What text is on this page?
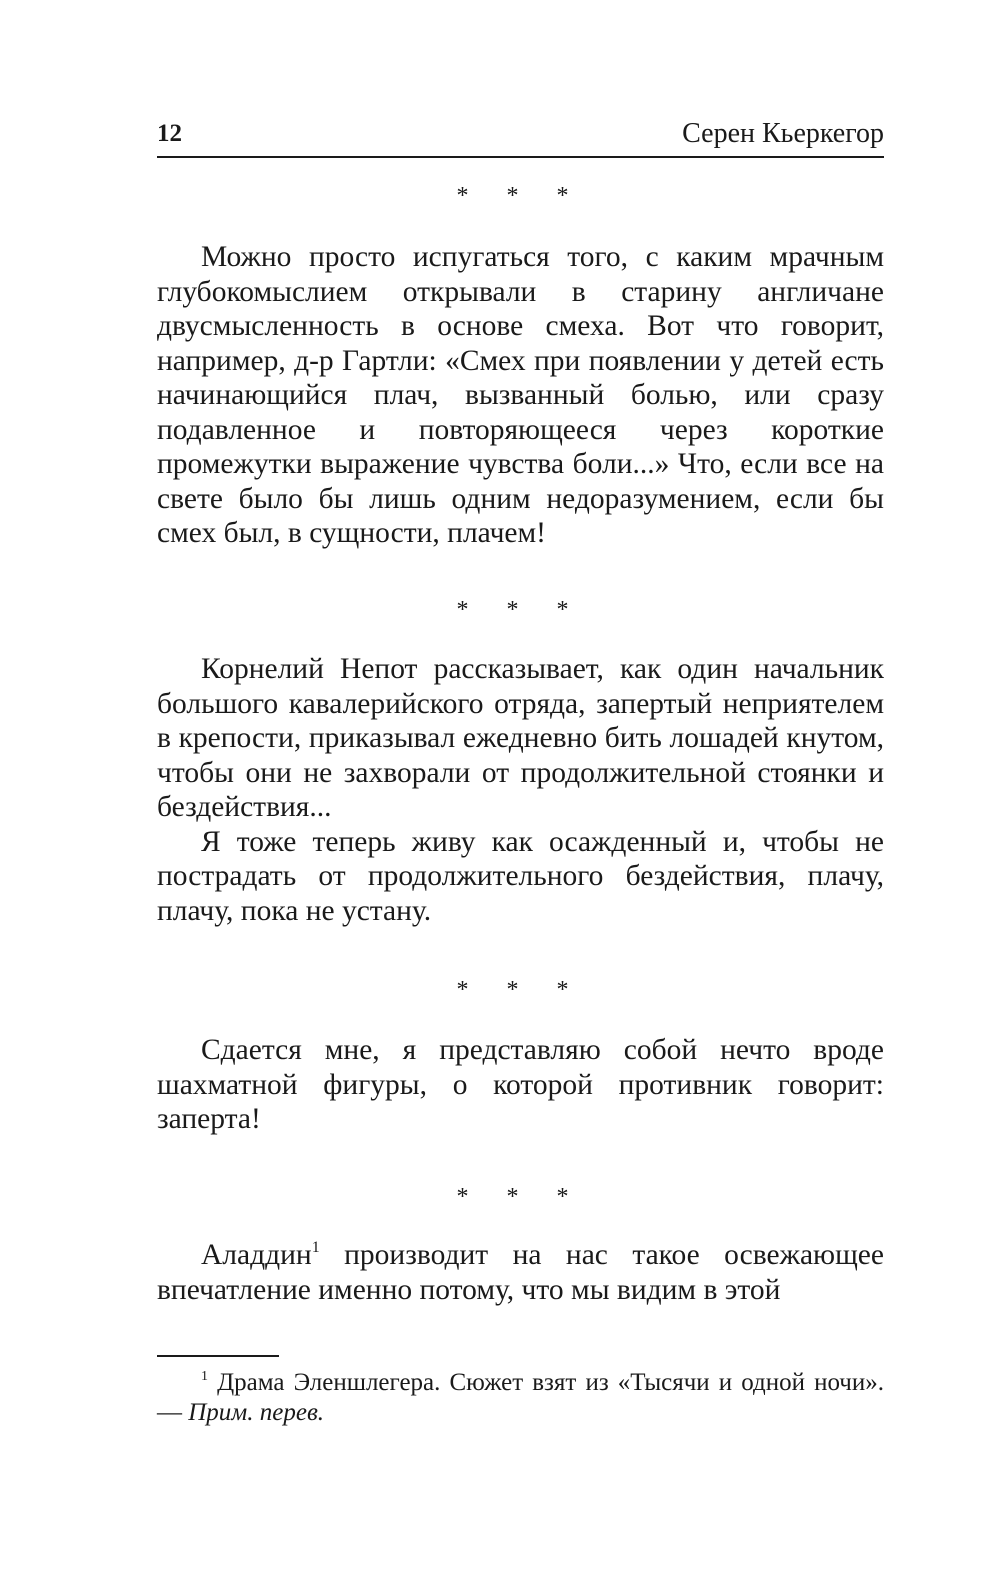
12	Серен Кьеркегор
* * *

Можно просто испугаться того, с каким мрачным глубокомыслием открывали в старину англичане двусмысленность в основе смеха. Вот что говорит, например, д-р Гартли: «Смех при появлении у детей есть начинающийся плач, вызванный болью, или сразу подавленное и повторяющееся через короткие промежутки выражение чувства боли...» Что, если все на свете было бы лишь одним недоразумением, если бы смех был, в сущности, плачем!

* * *

Корнелий Непот рассказывает, как один начальник большого кавалерийского отряда, запертый неприятелем в крепости, приказывал ежедневно бить лошадей кнутом, чтобы они не захворали от продолжительной стоянки и бездействия...

Я тоже теперь живу как осажденный и, чтобы не пострадать от продолжительного бездействия, плачу, плачу, пока не устану.

* * *

Сдается мне, я представляю собой нечто вроде шахматной фигуры, о которой противник говорит: заперта!

* * *

Аладдин$^1$ производит на нас такое освежающее впечатление именно потому, что мы видим в этой

$^1$ Драма Эленшлегера. Сюжет взят из «Тысячи и одной ночи». — Прим. перев.
